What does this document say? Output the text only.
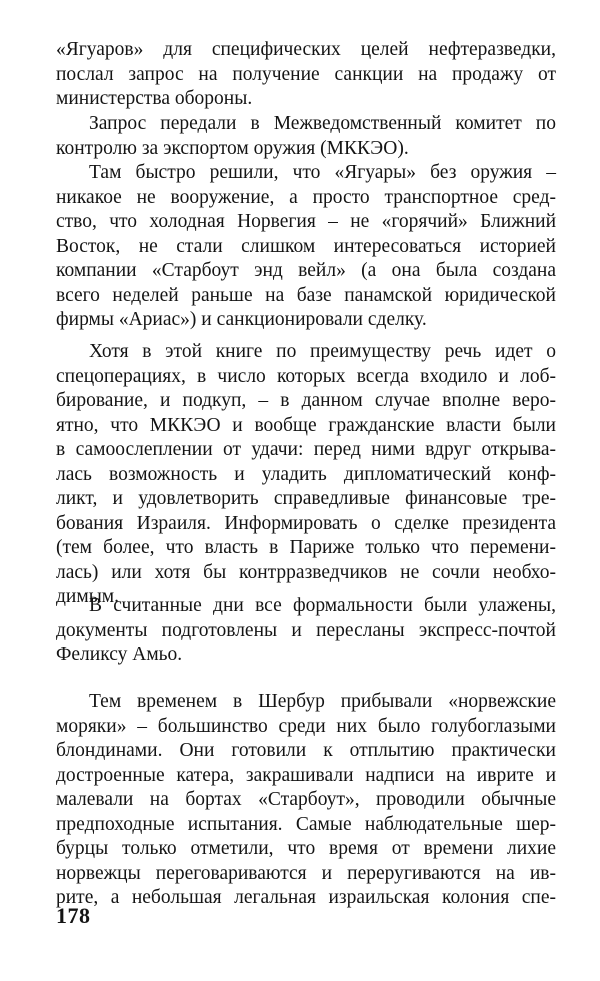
«Ягуаров» для специфических целей нефтеразведки,
послал запрос на получение санкции на продажу от
министерства обороны.
Запрос передали в Межведомственный комитет по
контролю за экспортом оружия (МККЭО).
Там быстро решили, что «Ягуары» без оружия –
никакое не вооружение, а просто транспортное сред-
ство, что холодная Норвегия – не «горячий» Ближний
Восток, не стали слишком интересоваться историей
компании «Старбоут энд вейл» (а она была создана
всего неделей раньше на базе панамской юридической
фирмы «Ариас») и санкционировали сделку.
Хотя в этой книге по преимуществу речь идет о
спецоперациях, в число которых всегда входило и лоб-
бирование, и подкуп, – в данном случае вполне веро-
ятно, что МККЭО и вообще гражданские власти были
в самоослеплении от удачи: перед ними вдруг открыва-
лась возможность и уладить дипломатический конф-
ликт, и удовлетворить справедливые финансовые тре-
бования Израиля. Информировать о сделке президента
(тем более, что власть в Париже только что перемени-
лась) или хотя бы контрразведчиков не сочли необхо-
димым.
В считанные дни все формальности были улажены,
документы подготовлены и пересланы экспресс-почтой
Феликсу Амьо.
Тем временем в Шербур прибывали «норвежские
моряки» – большинство среди них было голубоглазыми
блондинами. Они готовили к отплытию практически
достроенные катера, закрашивали надписи на иврите и
малевали на бортах «Старбоут», проводили обычные
предпоходные испытания. Самые наблюдательные шер-
бурцы только отметили, что время от времени лихие
норвежцы переговариваются и переругиваются на ив-
рите, а небольшая легальная израильская колония спе-
178
